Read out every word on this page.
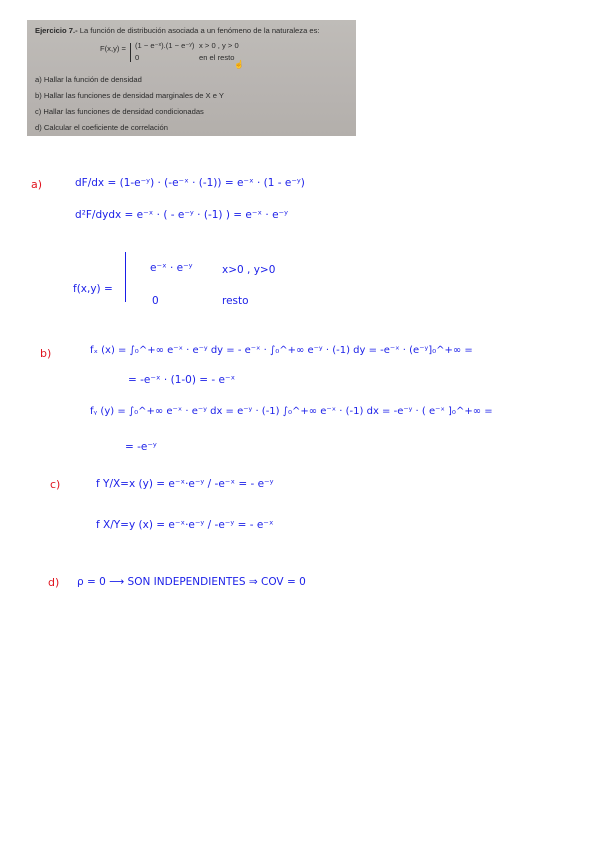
Ejercicio 7.- La función de distribución asociada a un fenómeno de la naturaleza es:
F(x,y) = (1 − e⁻ˣ).(1 − e⁻ʸ) x > 0 , y > 0
0	en el resto
☝
a) Hallar la función de densidad
b) Hallar las funciones de densidad marginales de X e Y
c) Hallar las funciones de densidad condicionadas
d) Calcular el coeficiente de correlación
a)	dF/dx = (1-e⁻ʸ) · (-e⁻ˣ · (-1)) = e⁻ˣ · (1 - e⁻ʸ)
d²F/dydx = e⁻ˣ · ( - e⁻ʸ · (-1) ) = e⁻ˣ · e⁻ʸ
f(x,y) =
e⁻ˣ · e⁻ʸ	x>0 , y>0
0	resto
b)	fₓ (x) = ∫₀^+∞ e⁻ˣ · e⁻ʸ dy = - e⁻ˣ · ∫₀^+∞ e⁻ʸ · (-1) dy = -e⁻ˣ · (e⁻ʸ]₀^+∞ =
= -e⁻ˣ · (1-0) = - e⁻ˣ
fᵧ (y) = ∫₀^+∞ e⁻ˣ · e⁻ʸ dx = e⁻ʸ · (-1) ∫₀^+∞ e⁻ˣ · (-1) dx = -e⁻ʸ · ( e⁻ˣ ]₀^+∞ =
= -e⁻ʸ
c)	f Y/X=x (y) = e⁻ˣ·e⁻ʸ / -e⁻ˣ = - e⁻ʸ
f X/Y=y (x) = e⁻ˣ·e⁻ʸ / -e⁻ʸ = - e⁻ˣ
d) ρ = 0 ⟶ SON INDEPENDIENTES ⇒ COV = 0
